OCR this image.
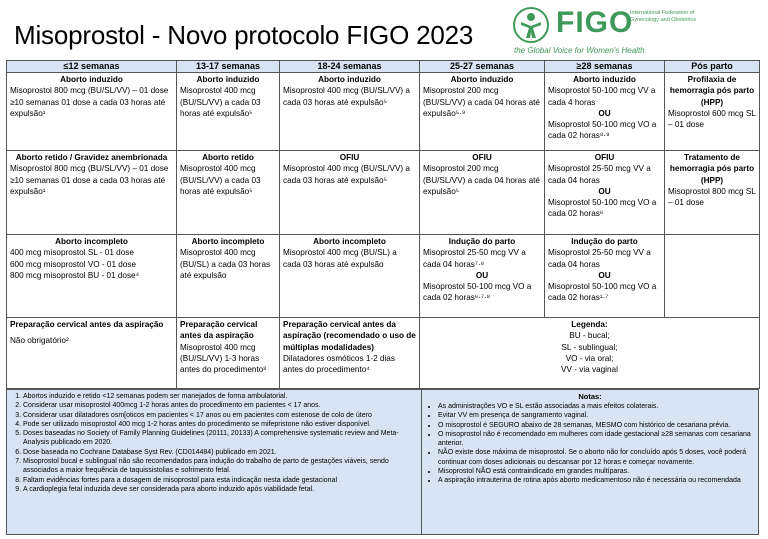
Misoprostol - Novo protocolo FIGO 2023	FIGO
International Federation of
Gynecology and Obstetrics
the Global Voice for Women's Health
≤12 semanas	13-17 semanas	18-24 semanas	25-27 semanas	≥28 semanas	Pós parto

Aborto induzido
Misoprostol 800 mcg (BU/SL/VV) – 01 dose
≥10 semanas 01 dose a cada 03 horas até expulsão¹	Aborto induzido
Misoprostol 400 mcg (BU/SL/VV) a cada 03 horas até expulsão⁵	Aborto induzido
Misoprostol 400 mcg (BU/SL/VV) a cada 03 horas até expulsão⁵	Aborto induzido
Misoprostol 200 mcg (BU/SL/VV) a cada 04 horas até expulsão⁵·⁹	Aborto induzido
Misoprostol 50-100 mcg VV a cada 4 horas
OU
Misoprostol 50-100 mcg VO a cada 02 horas⁸·⁹	Profilaxia de hemorragia pós parto (HPP)
Misoprostol 600 mcg SL – 01 dose

Aborto retido / Gravidez anembrionada
Misoprostol 800 mcg (BU/SL/VV) – 01 dose
≥10 semanas 01 dose a cada 03 horas até expulsão¹	Aborto retido
Misoprostol 400 mcg (BU/SL/VV) a cada 03 horas até expulsão⁵	OFIU
Misoprostol 400 mcg (BU/SL/VV) a cada 03 horas até expulsão⁵	OFIU
Misoprostol 200 mcg (BU/SL/VV) a cada 04 horas até expulsão⁵	OFIU
Misoprostol 25-50 mcg VV a cada 04 horas
OU
Misoprostol 50-100 mcg VO a cada 02 horas⁶	Tratamento de hemorragia pós parto (HPP)
Misoprostol 800 mcg SL – 01 dose

Aborto incompleto
400 mcg misoprostol SL - 01 dose
600 mcg misoprostol VO - 01 dose
800 mcg misoprostol BU - 01 dose⁴	Aborto incompleto
Misoprostol 400 mcg (BU/SL) a cada 03 horas até expulsão	Aborto incompleto
Misoprostol 400 mcg (BU/SL) a cada 03 horas até expulsão	Indução do parto
Misoprostol 25-50 mcg VV a cada 04 horas⁷·⁸
OU
Misoprostol 50-100 mcg VO a cada 02 horas⁶·⁷·⁸	Indução do parto
Misoprostol 25-50 mcg VV a cada 04 horas
OU
Misoprostol 50-100 mcg VO a cada 02 horas¹·⁷	

Preparação cervical antes da aspiração
Não obrigatório²	Preparação cervical antes da aspiração
Misoprostol 400 mcg (BU/SL/VV) 1-3 horas antes do procedimento³	Preparação cervical antes da aspiração (recomendado o uso de múltiplas modalidades)
Dilatadores osmóticos 1-2 dias antes do procedimento⁴	Legenda:
BU - bucal;
SL - sublingual;
VO - via oral;
VV - via vaginal		
1. Abortos induzido e retido <12 semanas podem ser manejados de forma ambulatorial.
2. Considerar usar misoprostol 400mcg 1-2 horas antes do procedimento em pacientes < 17 anos.
3. Considerar usar dilatadores osm[oticos em pacientes < 17 anos ou em pacientes com estenose de colo de útero
4. Pode ser utilizado misoprostol 400 mcg 1-2 horas antes do procedimento se mifepristone não estiver disponível.
5. Doses baseadas no Society of Family Planning Guidelines (20111, 20133) A comprehensive systematic review and Meta-Analysis publicado em 2020.
6. Dose baseada no Cochrane Database Syst Rev. (CD014484) publicado em 2021.
7. Misoprostol bucal e sublingual não são recomendados para indução do trabalho de parto de gestações viáveis, sendo associados a maior frequência de taquissistolias e sofrimento fetal.
8. Faltam evidências fortes para a dosagem de misoprostol para esta indicação nesta idade gestacional
9. A cardioplegia fetal induzida deve ser considerada para aborto induzido após viabilidade fetal.
Notas:
• As administrações VO e SL estão associadas a mais efeitos colaterais.
• Evitar VV em presença de sangramento vaginal.
• O misoprostol é SEGURO abaixo de 28 semanas, MESMO com histórico de cesariana prévia.
• O misoprostol não é recomendado em mulheres com idade gestacional ≥28 semanas com cesariana anterior.
• NÃO existe dose máxima de misoprostol. Se o aborto não for concluído após 5 doses, você poderá continuar com doses adicionais ou descansar por 12 horas e começar novamente.
• Misoprostol NÃO está contraindicado em grandes multíparas.
• A aspiração intrauterina de rotina após aborto medicamentoso não é necessária ou recomendada
